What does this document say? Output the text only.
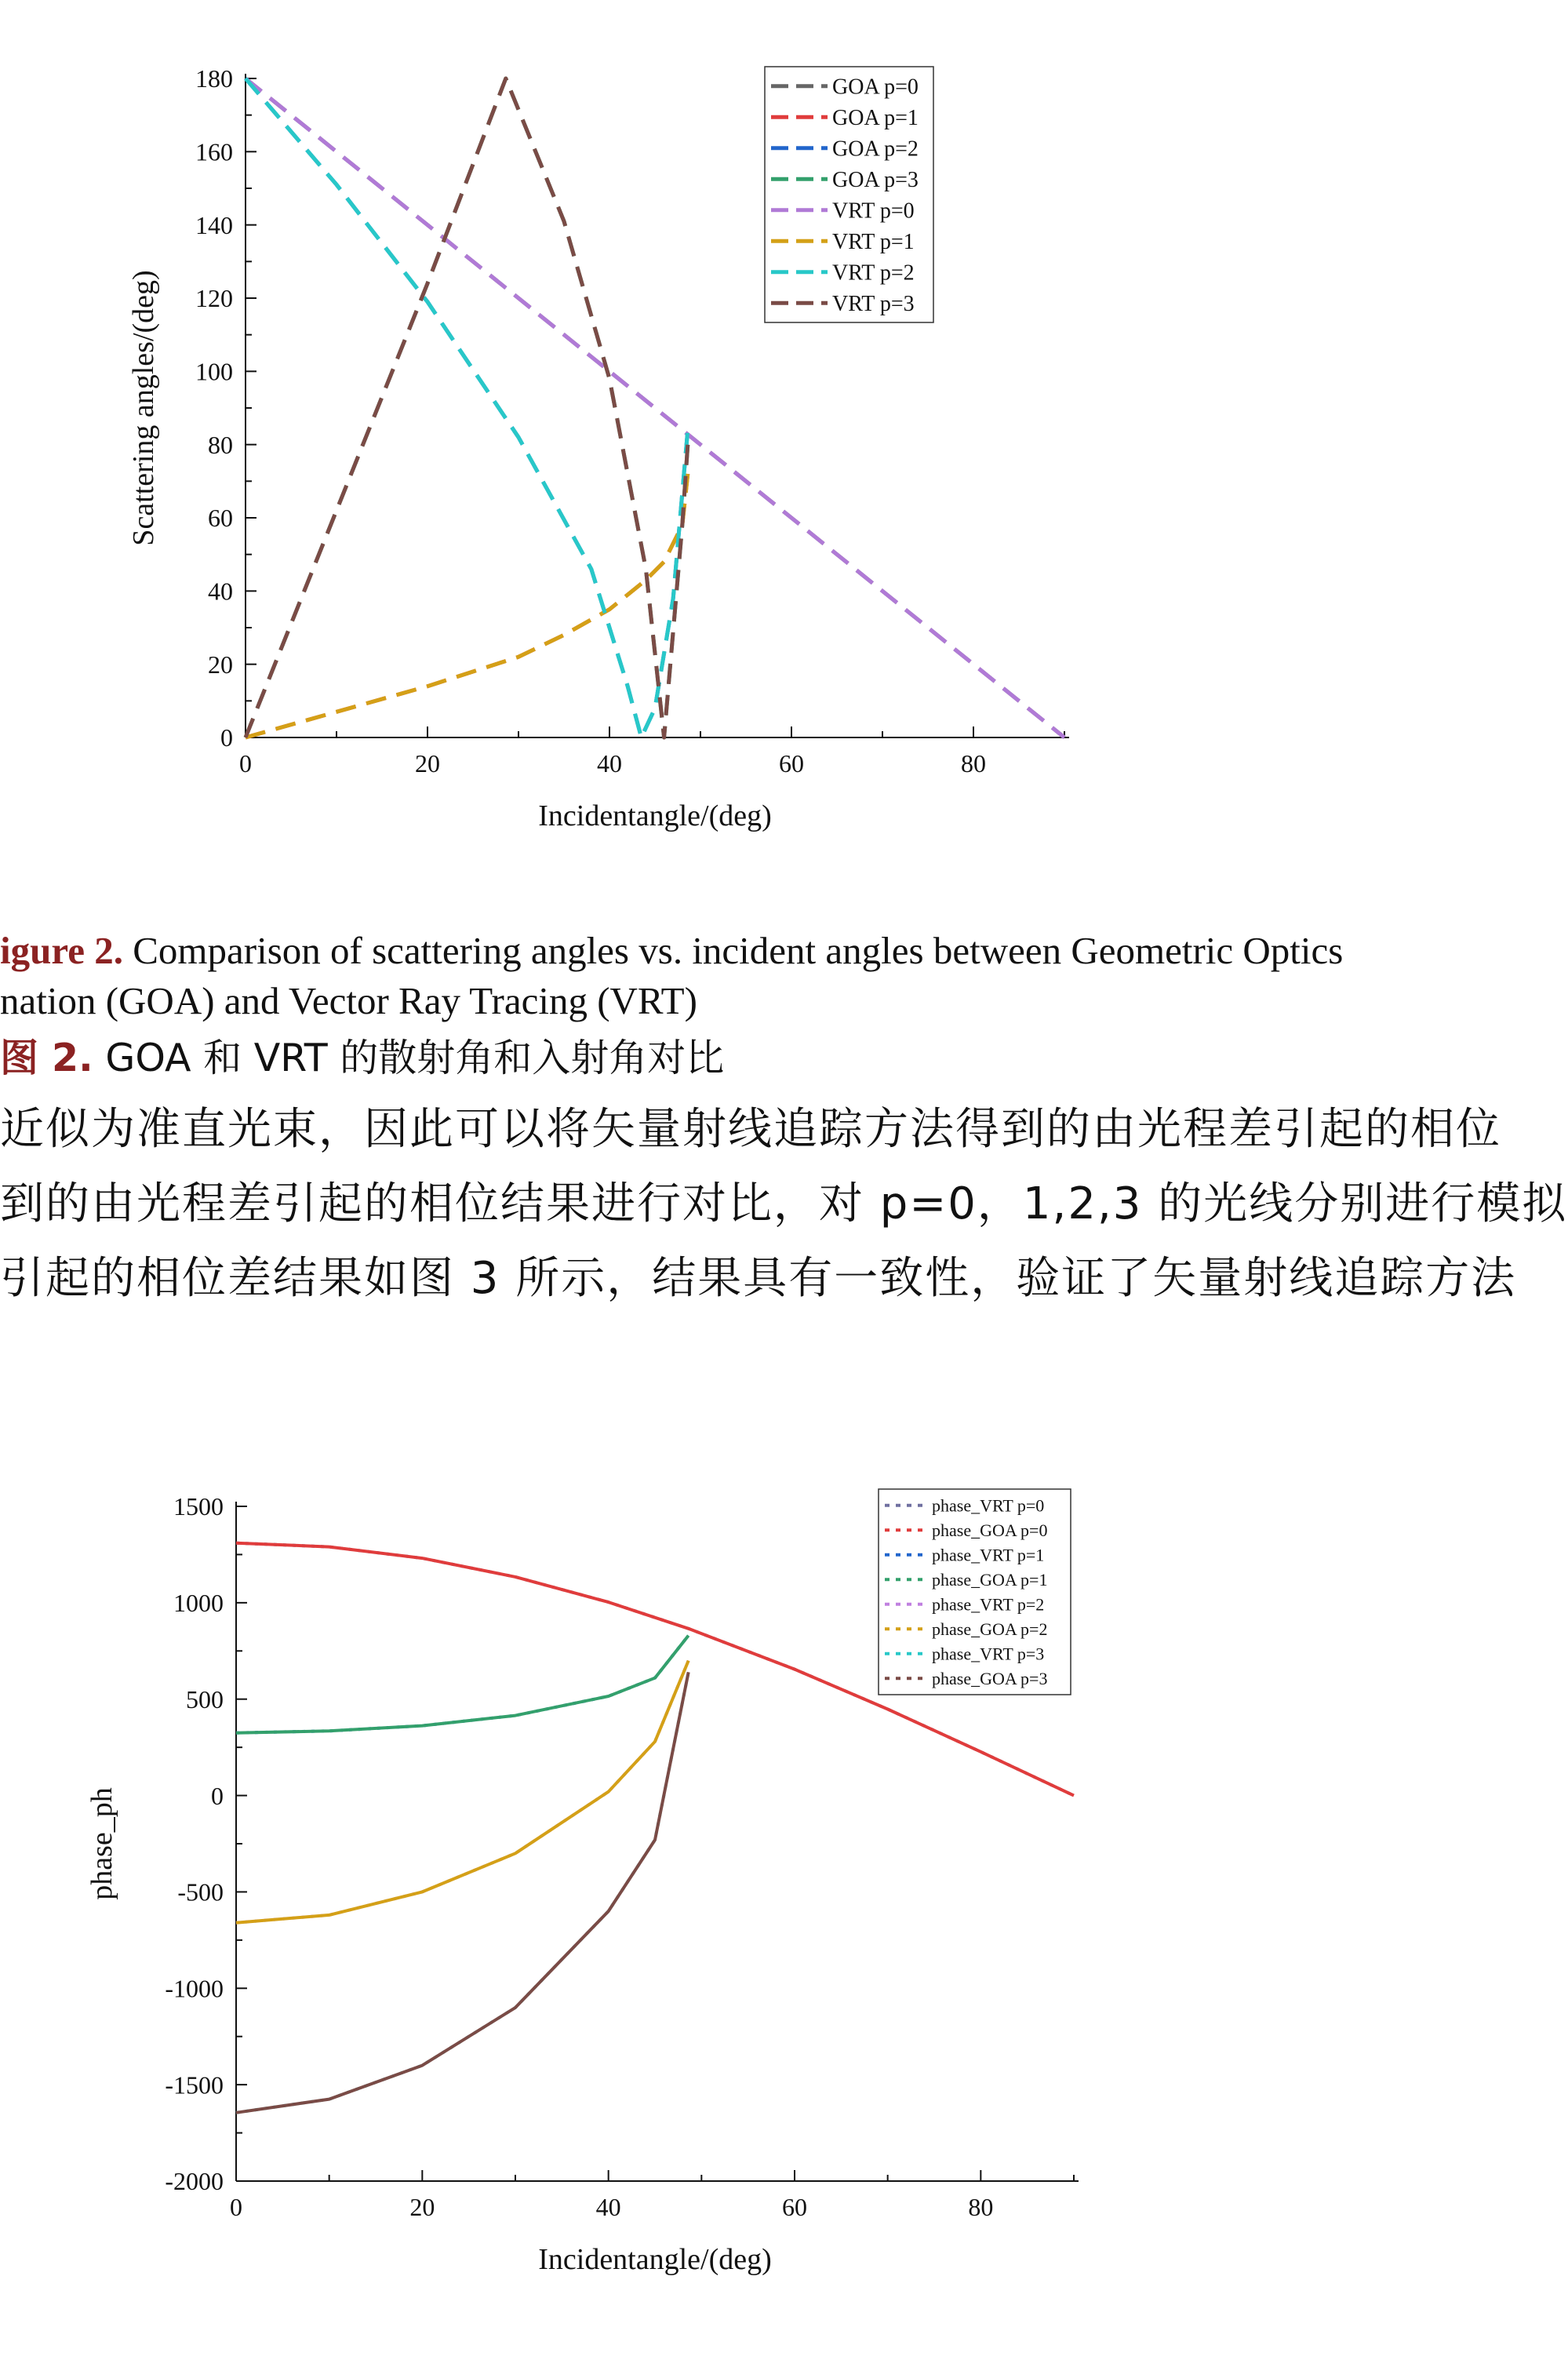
0	20	40	60	80
0
20
40
60
80
100
120
140
160
180
Incidentangle/(deg)
Scattering angles/(deg)
GOA p=0
GOA p=1
GOA p=2
GOA p=3
VRT p=0
VRT p=1
VRT p=2
VRT p=3
igure 2. Comparison of scattering angles vs. incident angles between Geometric Optics
nation (GOA) and Vector Ray Tracing (VRT)
图 2. GOA 和 VRT 的散射角和入射角对比
近似为准直光束，因此可以将矢量射线追踪方法得到的由光程差引起的相位
到的由光程差引起的相位结果进行对比，对 p=0，1,2,3 的光线分别进行模拟
引起的相位差结果如图 3 所示，结果具有一致性，验证了矢量射线追踪方法
0	20	40	60	80
-2000
-1500
-1000
-500
0
500
1000
1500
Incidentangle/(deg)
phase_ph
phase_VRT p=0
phase_GOA p=0
phase_VRT p=1
phase_GOA p=1
phase_VRT p=2
phase_GOA p=2
phase_VRT p=3
phase_GOA p=3
